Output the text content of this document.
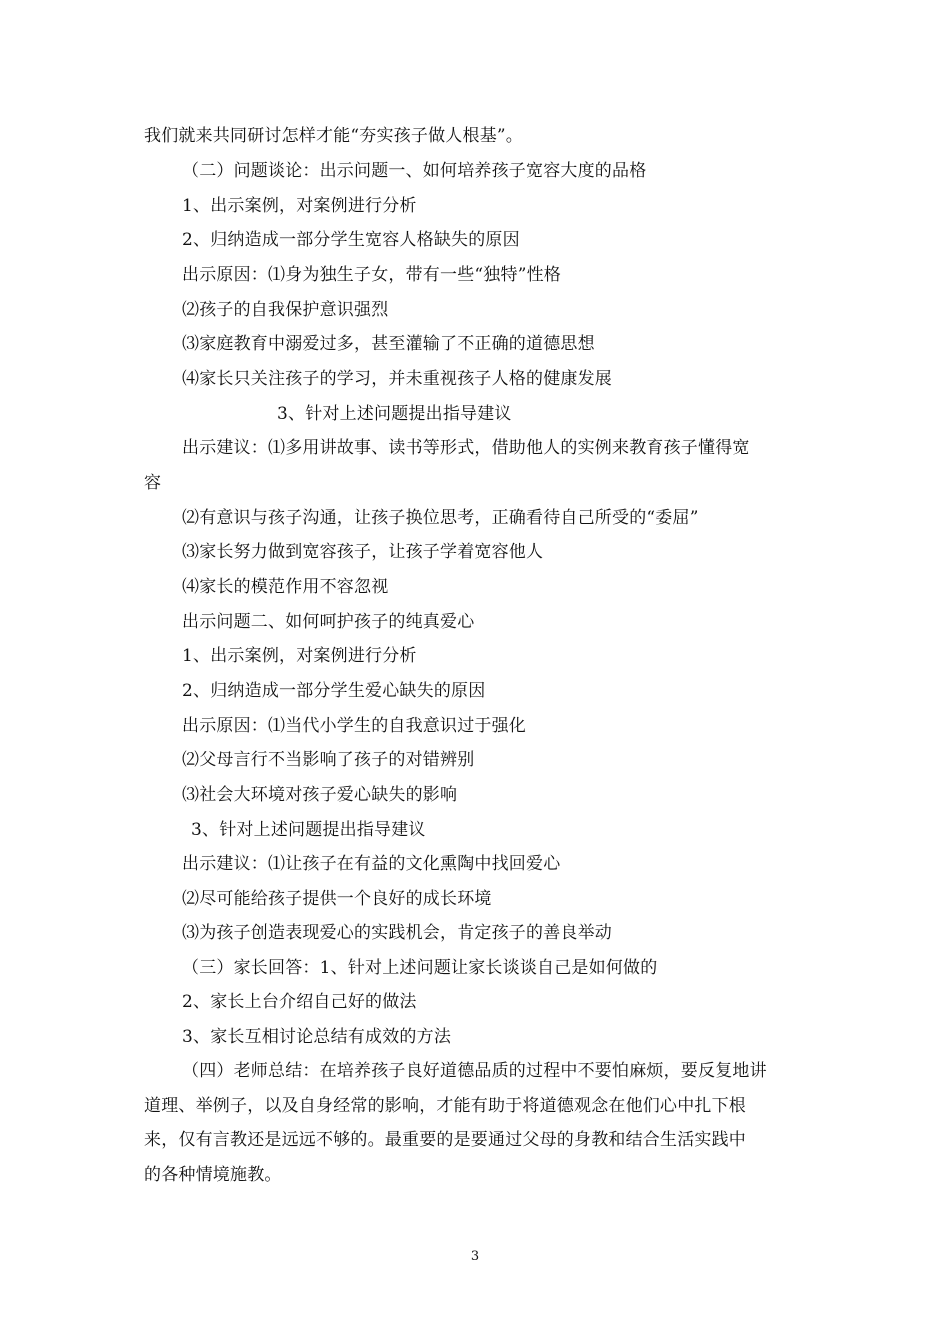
我们就来共同研讨怎样才能“夯实孩子做人根基”。
（二）问题谈论：出示问题一、如何培养孩子宽容大度的品格
1、出示案例，对案例进行分析
2、归纳造成一部分学生宽容人格缺失的原因
出示原因：⑴身为独生子女，带有一些“独特”性格
⑵孩子的自我保护意识强烈
⑶家庭教育中溺爱过多，甚至灌输了不正确的道德思想
⑷家长只关注孩子的学习，并未重视孩子人格的健康发展
3、针对上述问题提出指导建议
出示建议：⑴多用讲故事、读书等形式，借助他人的实例来教育孩子懂得宽
容
⑵有意识与孩子沟通，让孩子换位思考，正确看待自己所受的“委屈”
⑶家长努力做到宽容孩子，让孩子学着宽容他人
⑷家长的模范作用不容忽视
出示问题二、如何呵护孩子的纯真爱心
1、出示案例，对案例进行分析
2、归纳造成一部分学生爱心缺失的原因
出示原因：⑴当代小学生的自我意识过于强化
⑵父母言行不当影响了孩子的对错辨别
⑶社会大环境对孩子爱心缺失的影响
3、针对上述问题提出指导建议
出示建议：⑴让孩子在有益的文化熏陶中找回爱心
⑵尽可能给孩子提供一个良好的成长环境
⑶为孩子创造表现爱心的实践机会，肯定孩子的善良举动
（三）家长回答：1、针对上述问题让家长谈谈自己是如何做的
2、家长上台介绍自己好的做法
3、家长互相讨论总结有成效的方法
（四）老师总结：在培养孩子良好道德品质的过程中不要怕麻烦，要反复地讲
道理、举例子，以及自身经常的影响，才能有助于将道德观念在他们心中扎下根
来，仅有言教还是远远不够的。最重要的是要通过父母的身教和结合生活实践中
的各种情境施教。
3
